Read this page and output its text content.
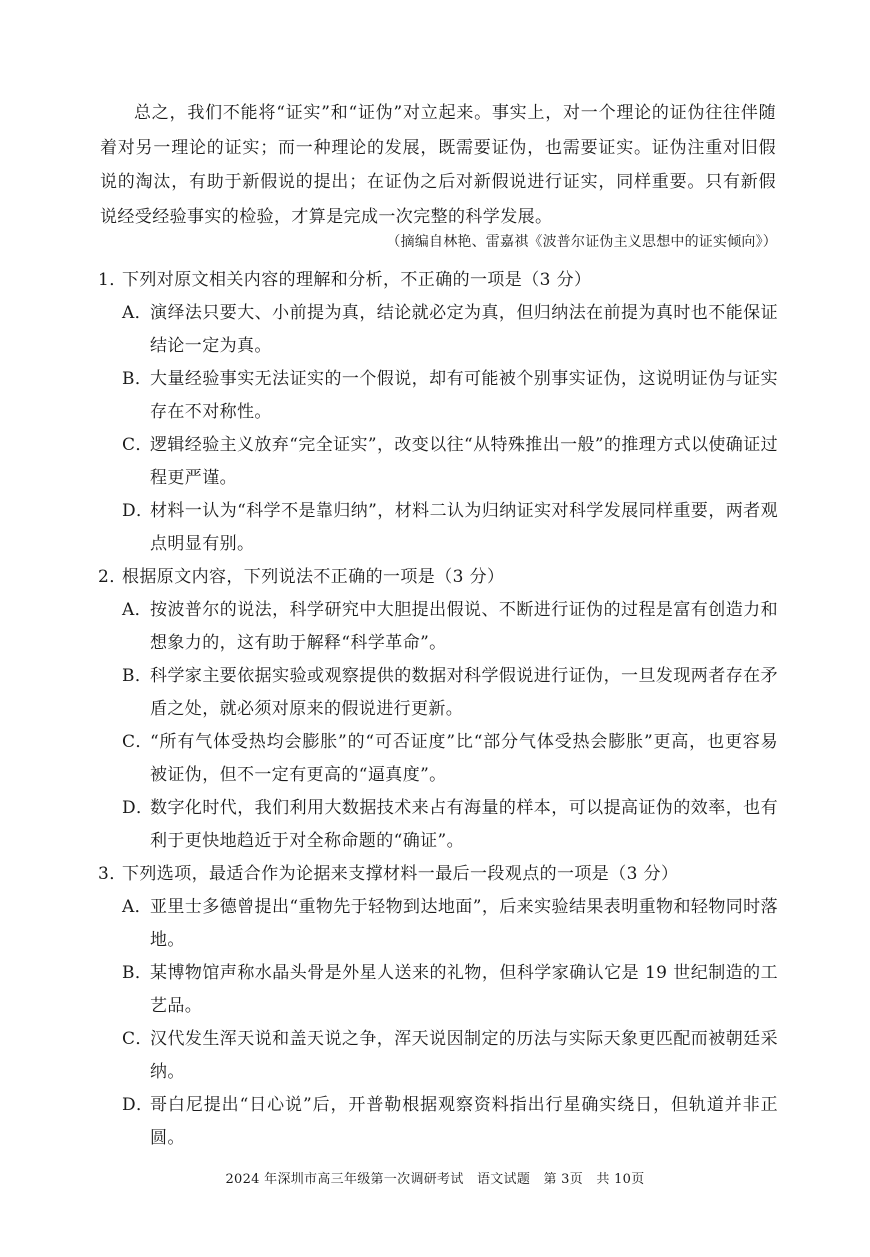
总之，我们不能将“证实”和“证伪”对立起来。事实上，对一个理论的证伪往往伴随着对另一理论的证实；而一种理论的发展，既需要证伪，也需要证实。证伪注重对旧假说的淘汰，有助于新假说的提出；在证伪之后对新假说进行证实，同样重要。只有新假说经受经验事实的检验，才算是完成一次完整的科学发展。

（摘编自林艳、雷嘉祺《波普尔证伪主义思想中的证实倾向》）

1．
下列对原文相关内容的理解和分析，不正确的一项是（3 分）
A．
演绎法只要大、小前提为真，结论就必定为真，但归纳法在前提为真时也不能保证结论一定为真。
B．
大量经验事实无法证实的一个假说，却有可能被个别事实证伪，这说明证伪与证实存在不对称性。
C．
逻辑经验主义放弃“完全证实”，改变以往“从特殊推出一般”的推理方式以使确证过程更严谨。
D．
材料一认为“科学不是靠归纳”，材料二认为归纳证实对科学发展同样重要，两者观点明显有别。
2．
根据原文内容，下列说法不正确的一项是（3 分）
A．
按波普尔的说法，科学研究中大胆提出假说、不断进行证伪的过程是富有创造力和想象力的，这有助于解释“科学革命”。
B．
科学家主要依据实验或观察提供的数据对科学假说进行证伪，一旦发现两者存在矛盾之处，就必须对原来的假说进行更新。
C．
“所有气体受热均会膨胀”的“可否证度”比“部分气体受热会膨胀”更高，也更容易被证伪，但不一定有更高的“逼真度”。
D．
数字化时代，我们利用大数据技术来占有海量的样本，可以提高证伪的效率，也有利于更快地趋近于对全称命题的“确证”。
3．
下列选项，最适合作为论据来支撑材料一最后一段观点的一项是（3 分）
A．
亚里士多德曾提出“重物先于轻物到达地面”，后来实验结果表明重物和轻物同时落地。
B．
某博物馆声称水晶头骨是外星人送来的礼物，但科学家确认它是 19 世纪制造的工艺品。
C．
汉代发生浑天说和盖天说之争，浑天说因制定的历法与实际天象更匹配而被朝廷采纳。
D．
哥白尼提出“日心说”后，开普勒根据观察资料指出行星确实绕日，但轨道并非正圆。
2024 年深圳市高三年级第一次调研考试　语文试题　第 3页　共 10页
